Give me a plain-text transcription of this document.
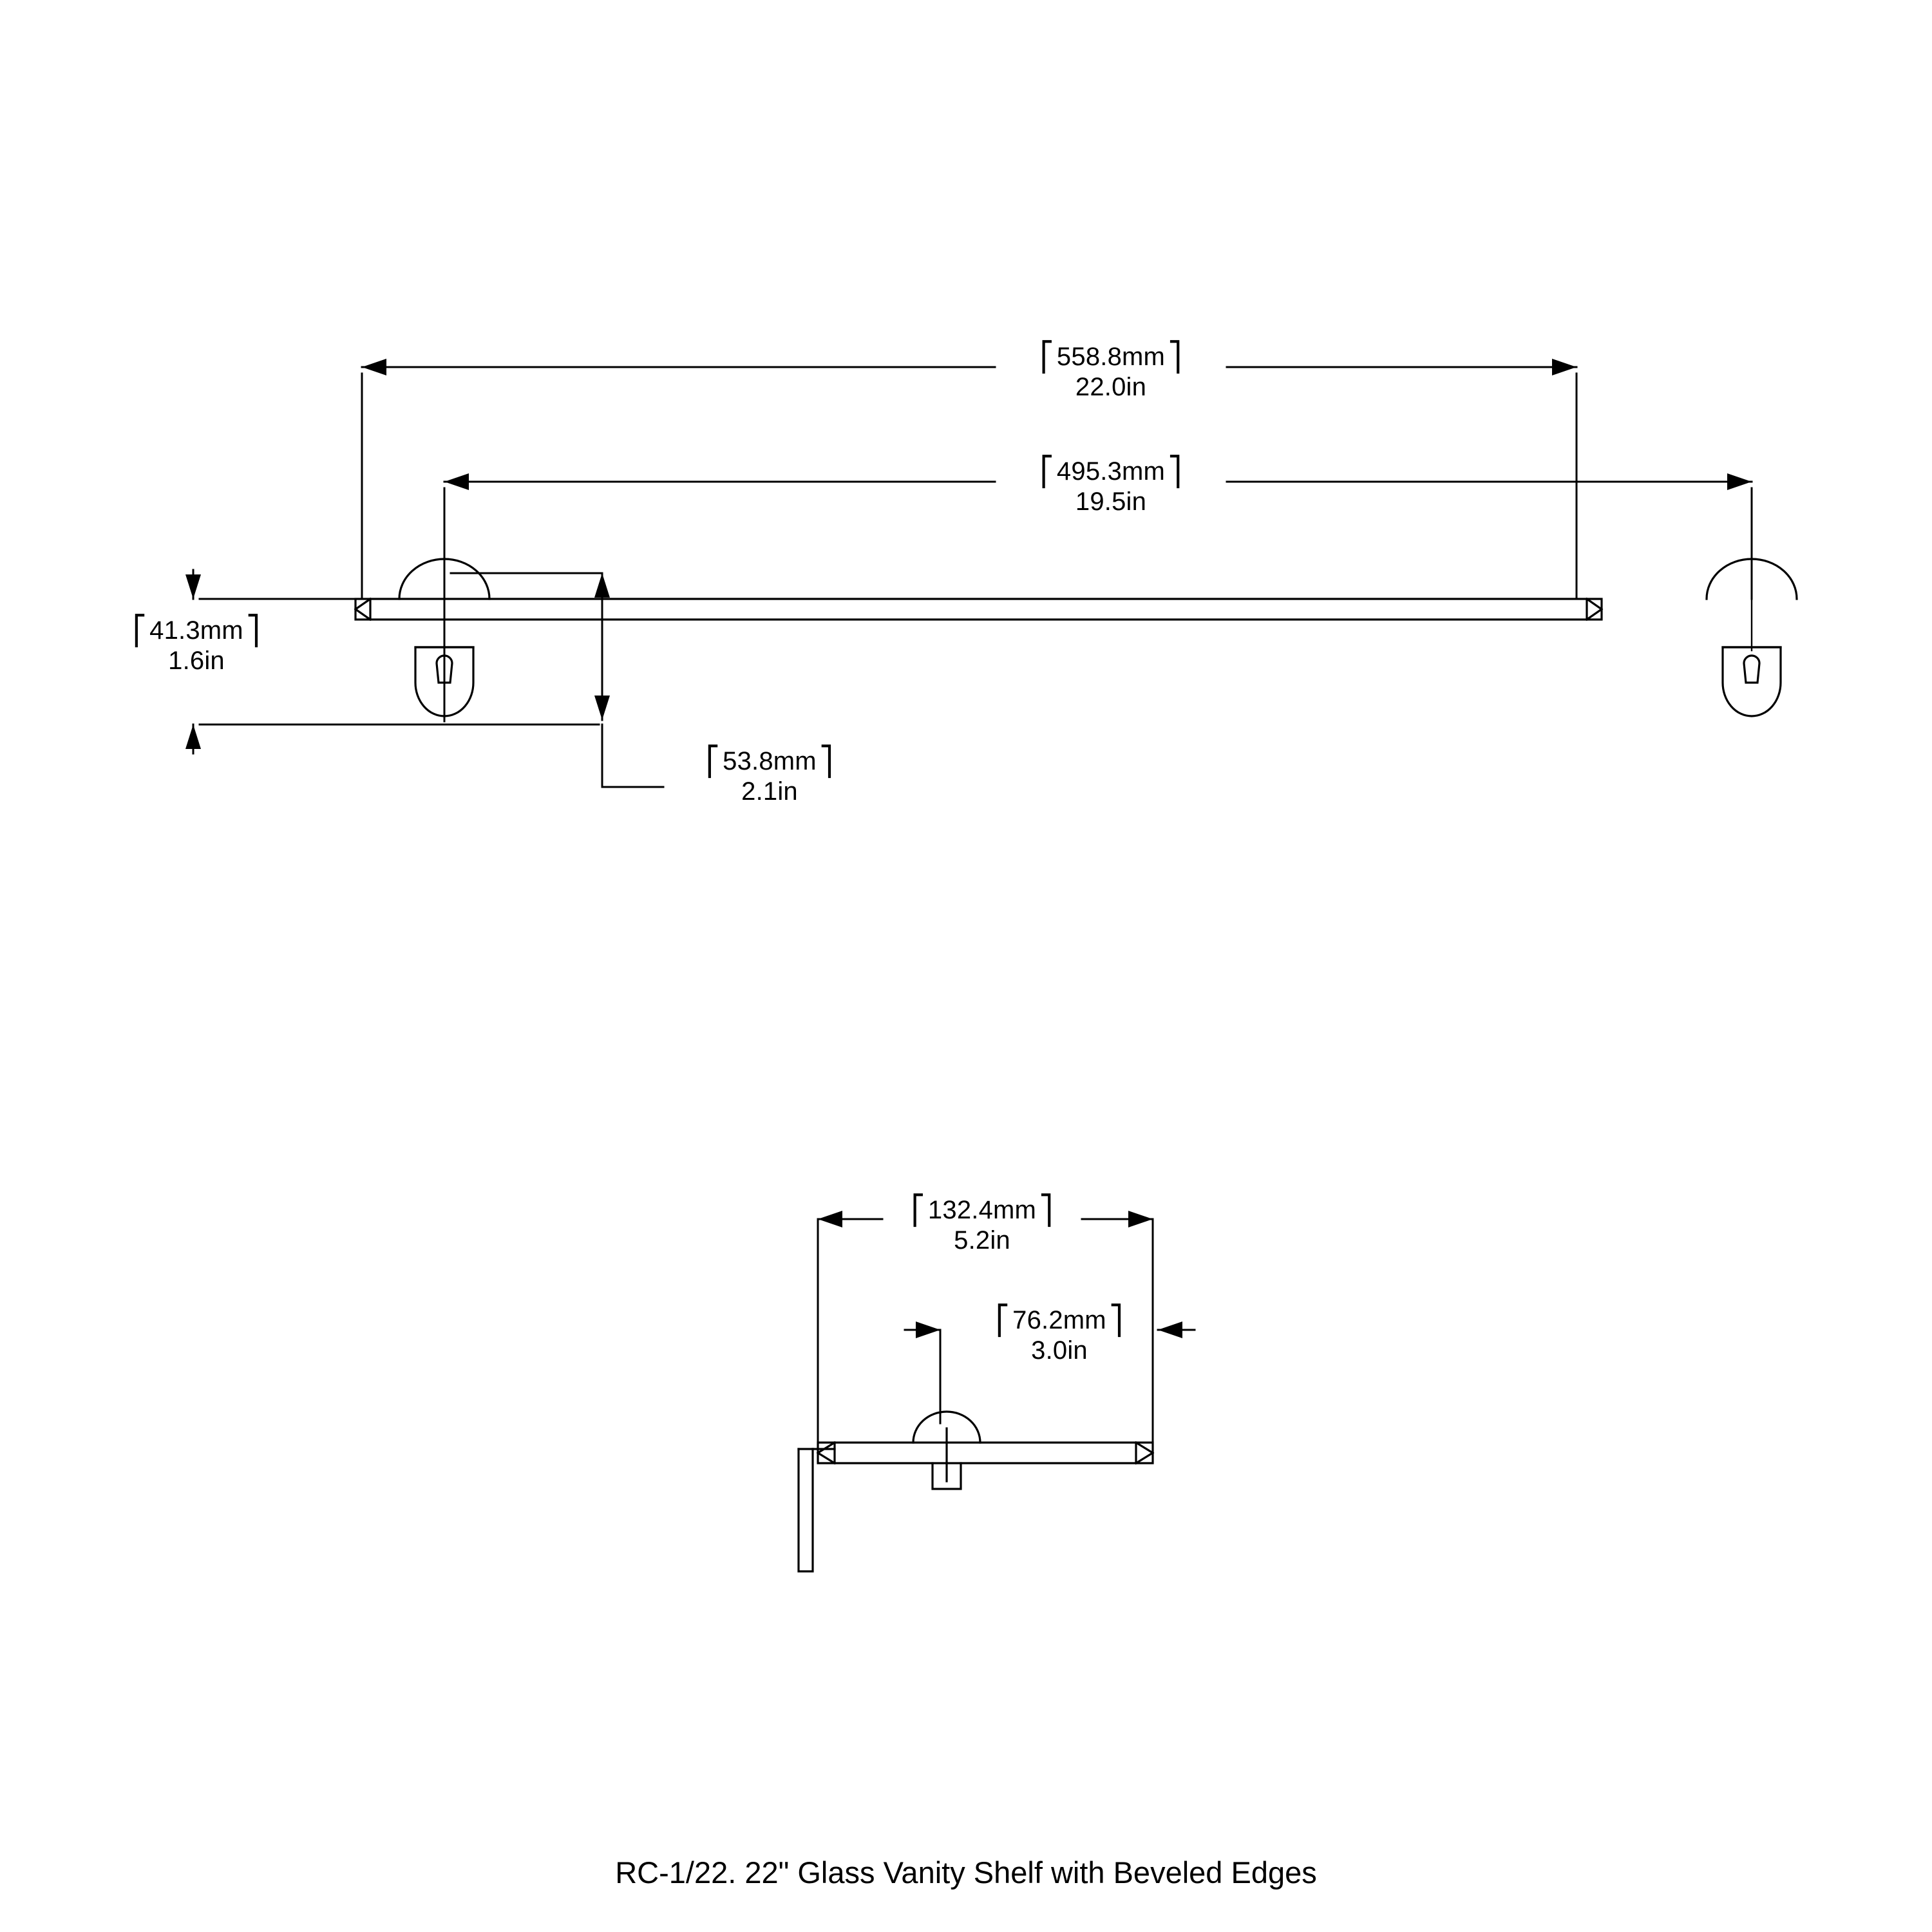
⎡ 558.8mm⎤
22.0in
⎡ 495.3mm⎤
19.5in
⎡ 41.3mm⎤
1.6in
⎡ 53.8mm⎤
2.1in
⎡ 132.4mm⎤
5.2in
⎡ 76.2mm⎤
3.0in
RC-1/22. 22" Glass Vanity Shelf with Beveled Edges
